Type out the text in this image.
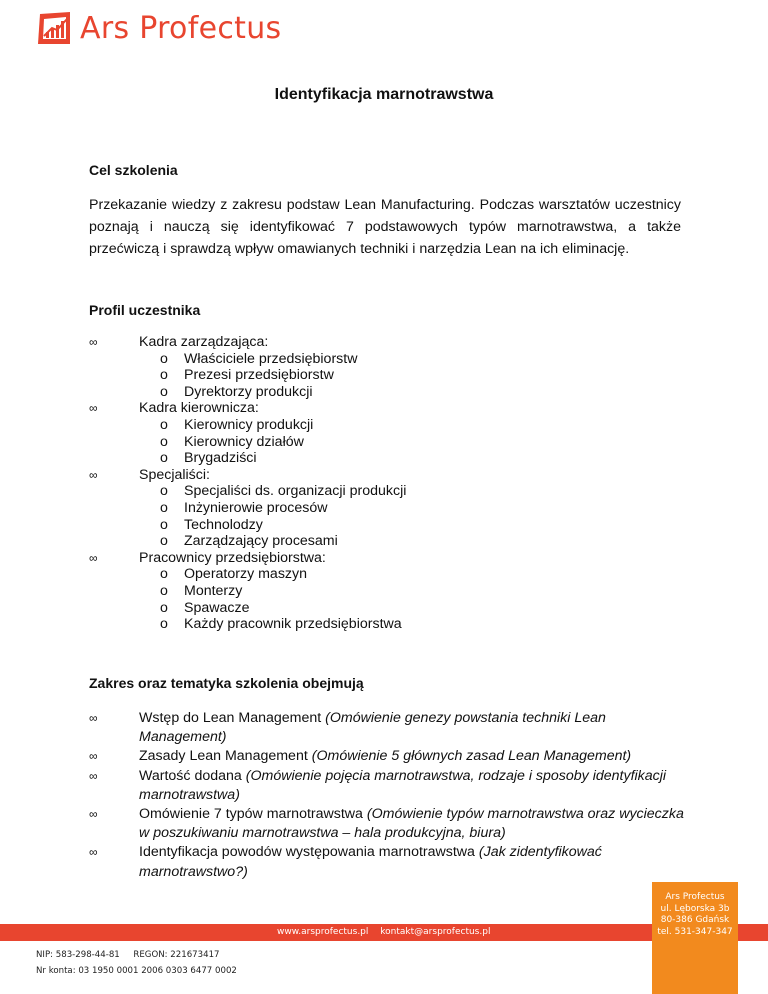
Ars Profectus
Identyfikacja marnotrawstwa
Cel szkolenia
Przekazanie wiedzy z zakresu podstaw Lean Manufacturing. Podczas warsztatów uczestnicy poznają i nauczą się identyfikować 7 podstawowych typów marnotrawstwa, a także przećwiczą i sprawdzą wpływ omawianych techniki i narzędzia Lean na ich eliminację.
Profil uczestnika
∞	Kadra zarządzająca:
o Właściciele przedsiębiorstw
o Prezesi przedsiębiorstw
o Dyrektorzy produkcji
∞	Kadra kierownicza:
o Kierownicy produkcji
o Kierownicy działów
o Brygadziści
∞	Specjaliści:
o Specjaliści ds. organizacji produkcji
o Inżynierowie procesów
o Technolodzy
o Zarządzający procesami
∞	Pracownicy przedsiębiorstwa:
o Operatorzy maszyn
o Monterzy
o Spawacze
o Każdy pracownik przedsiębiorstwa
Zakres oraz tematyka szkolenia obejmują
∞	Wstęp do Lean Management (Omówienie genezy powstania techniki Lean Management)
∞	Zasady Lean Management (Omówienie 5 głównych zasad Lean Management)
∞	Wartość dodana (Omówienie pojęcia marnotrawstwa, rodzaje i sposoby identyfikacji marnotrawstwa)
∞	Omówienie 7 typów marnotrawstwa (Omówienie typów marnotrawstwa oraz wycieczka w poszukiwaniu marnotrawstwa – hala produkcyjna, biura)
∞	Identyfikacja powodów występowania marnotrawstwa (Jak zidentyfikować marnotrawstwo?)
www.arsprofectus.pl kontakt@arsprofectus.pl
Ars Profectus
ul. Lęborska 3b
80-386 Gdańsk
tel. 531-347-347
NIP: 583-298-44-81     REGON: 221673417
Nr konta: 03 1950 0001 2006 0303 6477 0002
